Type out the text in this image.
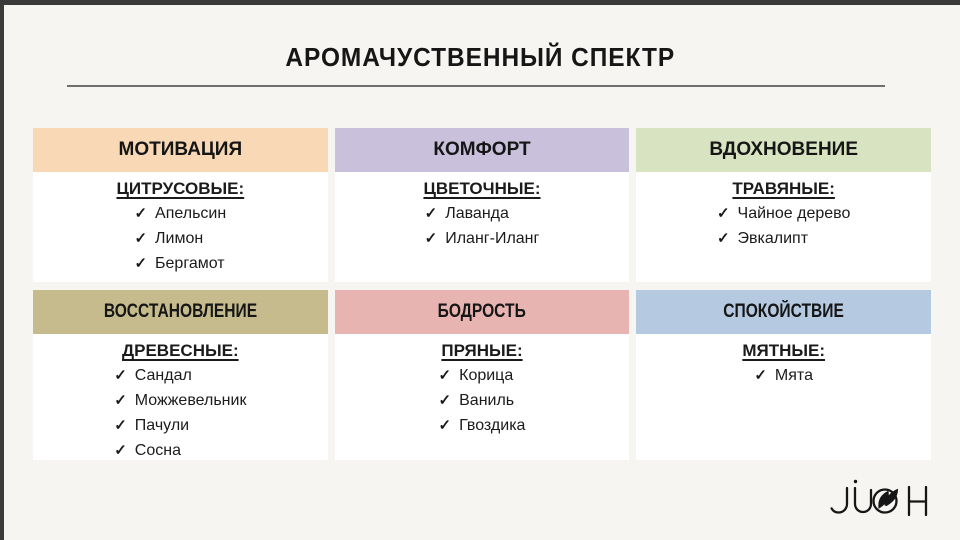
АРОМАЧУСТВЕННЫЙ СПЕКТР
МОТИВАЦИЯ
ЦИТРУСОВЫЕ:
✓ Апельсин
✓ Лимон
✓ Бергамот
КОМФОРТ
ЦВЕТОЧНЫЕ:
✓ Лаванда
✓ Иланг-Иланг
ВДОХНОВЕНИЕ
ТРАВЯНЫЕ:
✓ Чайное дерево
✓ Эвкалипт
ВОССТАНОВЛЕНИЕ
ДРЕВЕСНЫЕ:
✓ Сандал
✓ Можжевельник
✓ Пачули
✓ Сосна
БОДРОСТЬ
ПРЯНЫЕ:
✓ Корица
✓ Ваниль
✓ Гвоздика
СПОКОЙСТВИЕ
МЯТНЫЕ:
✓ Мята
